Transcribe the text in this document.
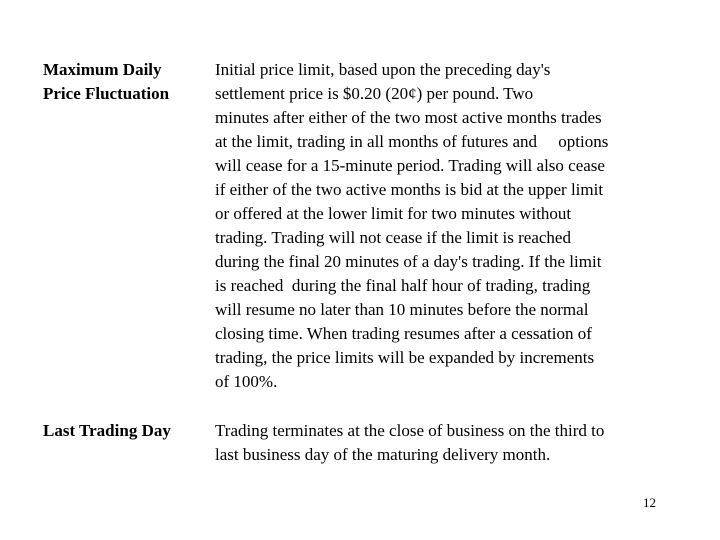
Maximum Daily
Price Fluctuation
Initial price limit, based upon the preceding day's
settlement price is $0.20 (20¢) per pound. Two
minutes after either of the two most active months trades
at the limit, trading in all months of futures and     options
will cease for a 15-minute period. Trading will also cease
if either of the two active months is bid at the upper limit
or offered at the lower limit for two minutes without
trading. Trading will not cease if the limit is reached
during the final 20 minutes of a day's trading. If the limit
is reached  during the final half hour of trading, trading
will resume no later than 10 minutes before the normal
closing time. When trading resumes after a cessation of
trading, the price limits will be expanded by increments
of 100%.
Last Trading Day	Trading terminates at the close of business on the third to
last business day of the maturing delivery month.
12
